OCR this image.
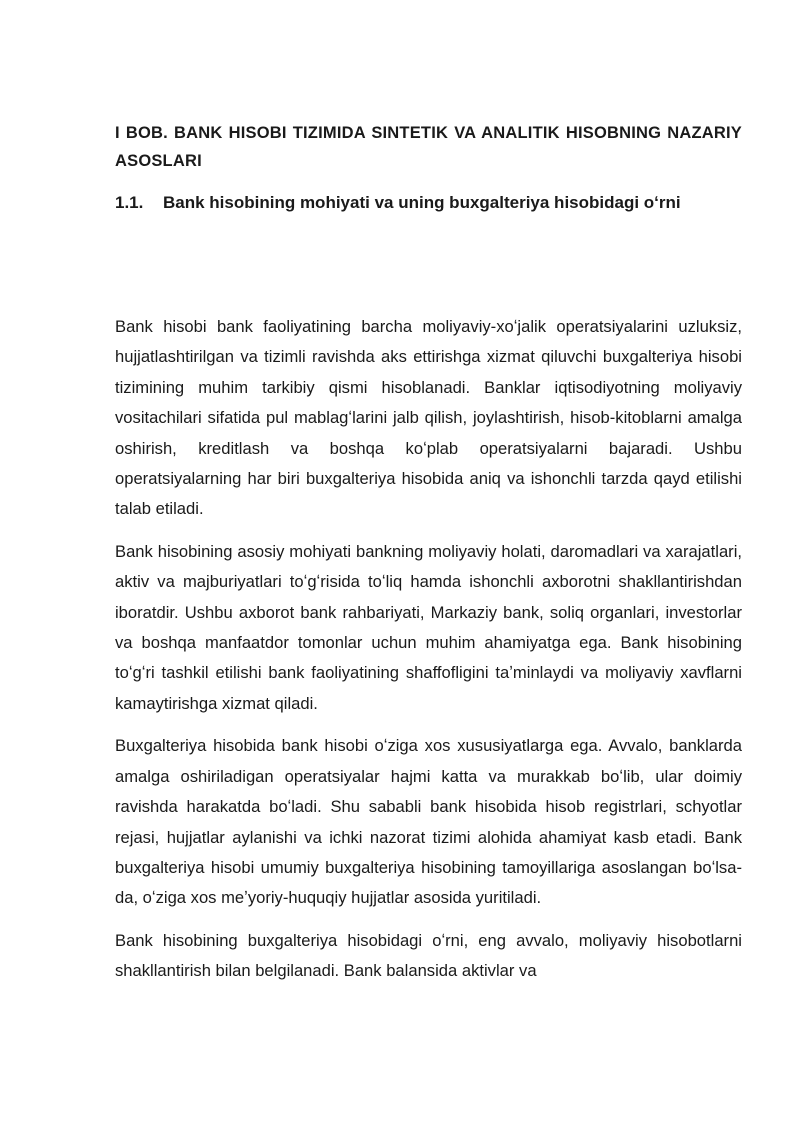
I BOB. BANK HISOBI TIZIMIDA SINTETIK VA ANALITIK HISOBNING NAZARIY ASOSLARI
1.1. Bank hisobining mohiyati va uning buxgalteriya hisobidagi oʻrni

Bank hisobi bank faoliyatining barcha moliyaviy-xoʻjalik operatsiyalarini uzluksiz, hujjatlashtirilgan va tizimli ravishda aks ettirishga xizmat qiluvchi buxgalteriya hisobi tizimining muhim tarkibiy qismi hisoblanadi. Banklar iqtisodiyotning moliyaviy vositachilari sifatida pul mablagʻlarini jalb qilish, joylashtirish, hisob-kitoblarni amalga oshirish, kreditlash va boshqa koʻplab operatsiyalarni bajaradi. Ushbu operatsiyalarning har biri buxgalteriya hisobida aniq va ishonchli tarzda qayd etilishi talab etiladi.

Bank hisobining asosiy mohiyati bankning moliyaviy holati, daromadlari va xarajatlari, aktiv va majburiyatlari toʻgʻrisida toʻliq hamda ishonchli axborotni shakllantirishdan iboratdir. Ushbu axborot bank rahbariyati, Markaziy bank, soliq organlari, investorlar va boshqa manfaatdor tomonlar uchun muhim ahamiyatga ega. Bank hisobining toʻgʻri tashkil etilishi bank faoliyatining shaffofligini taʼminlaydi va moliyaviy xavflarni kamaytirishga xizmat qiladi.

Buxgalteriya hisobida bank hisobi oʻziga xos xususiyatlarga ega. Avvalo, banklarda amalga oshiriladigan operatsiyalar hajmi katta va murakkab boʻlib, ular doimiy ravishda harakatda boʻladi. Shu sababli bank hisobida hisob registrlari, schyotlar rejasi, hujjatlar aylanishi va ichki nazorat tizimi alohida ahamiyat kasb etadi. Bank buxgalteriya hisobi umumiy buxgalteriya hisobining tamoyillariga asoslangan boʻlsa-da, oʻziga xos meʼyoriy-huquqiy hujjatlar asosida yuritiladi.

Bank hisobining buxgalteriya hisobidagi oʻrni, eng avvalo, moliyaviy hisobotlarni shakllantirish bilan belgilanadi. Bank balansida aktivlar va
